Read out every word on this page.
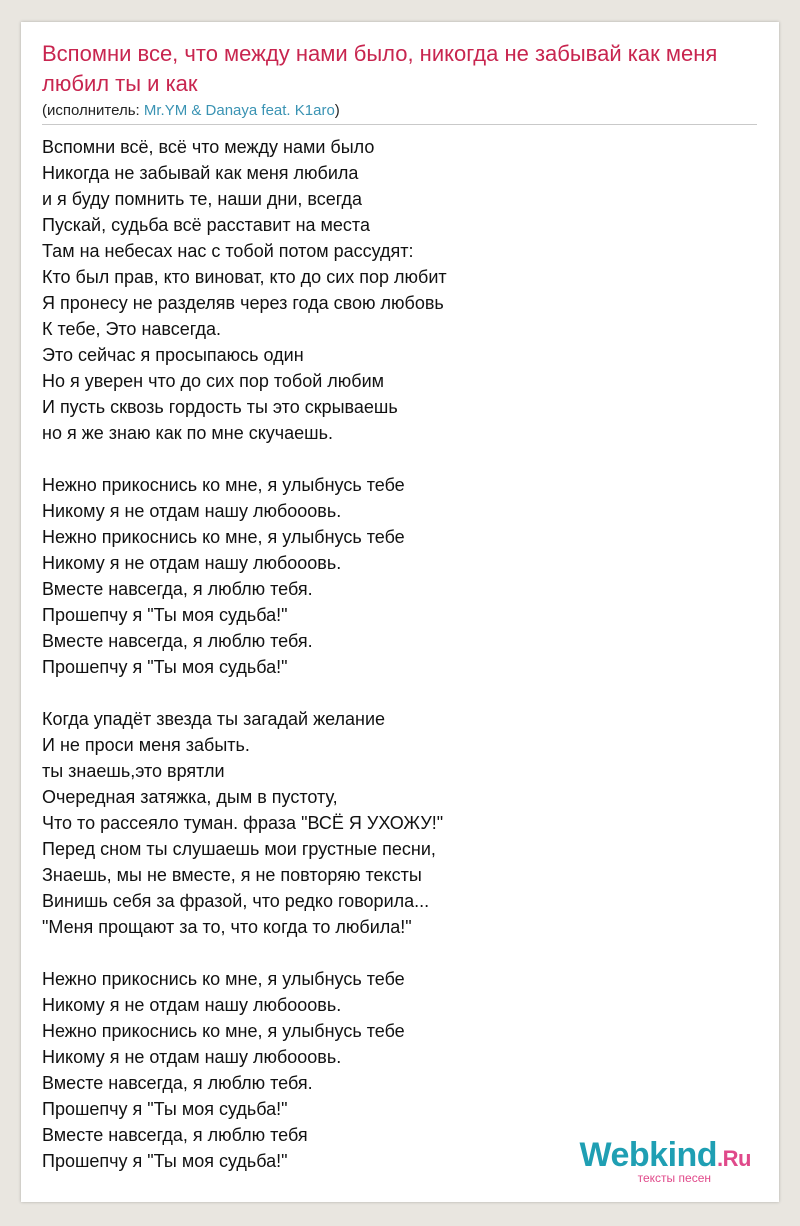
Вспомни все, что между нами было, никогда не забывай как меня любил ты и как
(исполнитель: Mr.YM & Danaya feat. K1aro)
Вспомни всё, всё что между нами было
Никогда не забывай как меня любила
и я буду помнить те, наши дни, всегда
Пускай, судьба всё расставит на места
Там на небесах нас с тобой потом рассудят:
Кто был прав, кто виноват, кто до сих пор любит
Я пронесу не разделяв через года свою любовь
К тебе, Это навсегда.
Это сейчас я просыпаюсь один
Но я уверен что до сих пор тобой любим
И пусть сквозь гордость ты это скрываешь
но я же знаю как по мне скучаешь.
Нежно прикоснись ко мне, я улыбнусь тебе
Никому я не отдам нашу любооовь.
Нежно прикоснись ко мне, я улыбнусь тебе
Никому я не отдам нашу любооовь.
Вместе навсегда, я люблю тебя.
Прошепчу я "Ты моя судьба!"
Вместе навсегда, я люблю тебя.
Прошепчу я "Ты моя судьба!"
Когда упадёт звезда ты загадай желание
И не проси меня забыть.
ты знаешь,это врятли
Очередная затяжка, дым в пустоту,
Что то рассеяло туман. фраза "ВСЁ Я УХОЖУ!"
Перед сном ты слушаешь мои грустные песни,
Знаешь, мы не вместе, я не повторяю тексты
Винишь себя за фразой, что редко говорила...
"Меня прощают за то, что когда то любила!"
Нежно прикоснись ко мне, я улыбнусь тебе
Никому я не отдам нашу любооовь.
Нежно прикоснись ко мне, я улыбнусь тебе
Никому я не отдам нашу любооовь.
Вместе навсегда, я люблю тебя.
Прошепчу я "Ты моя судьба!"
Вместе навсегда, я люблю тебя
Прошепчу я "Ты моя судьба!"	Webkind.Ru
тексты песен
